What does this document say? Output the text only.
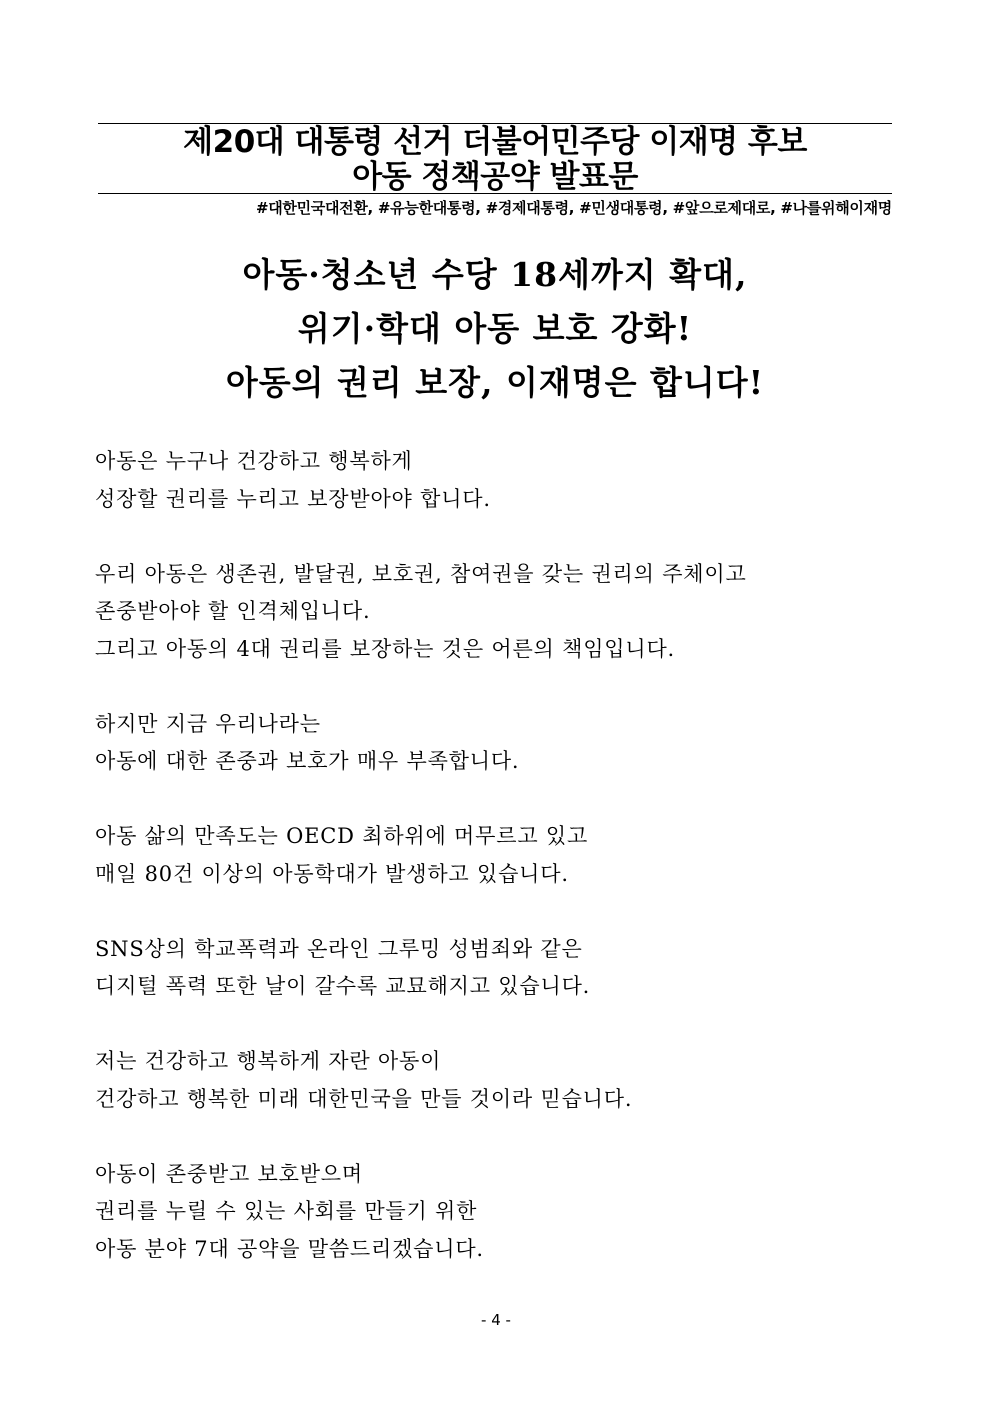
제20대 대통령 선거 더불어민주당 이재명 후보
아동 정책공약 발표문
#대한민국대전환, #유능한대통령, #경제대통령, #민생대통령, #앞으로제대로, #나를위해이재명
아동·청소년 수당 18세까지 확대,
위기·학대 아동 보호 강화!
아동의 권리 보장, 이재명은 합니다!
아동은 누구나 건강하고 행복하게
성장할 권리를 누리고 보장받아야 합니다.
우리 아동은 생존권, 발달권, 보호권, 참여권을 갖는 권리의 주체이고
존중받아야 할 인격체입니다.
그리고 아동의 4대 권리를 보장하는 것은 어른의 책임입니다.
하지만 지금 우리나라는
아동에 대한 존중과 보호가 매우 부족합니다.
아동 삶의 만족도는 OECD 최하위에 머무르고 있고
매일 80건 이상의 아동학대가 발생하고 있습니다.
SNS상의 학교폭력과 온라인 그루밍 성범죄와 같은
디지털 폭력 또한 날이 갈수록 교묘해지고 있습니다.
저는 건강하고 행복하게 자란 아동이
건강하고 행복한 미래 대한민국을 만들 것이라 믿습니다.
아동이 존중받고 보호받으며
권리를 누릴 수 있는 사회를 만들기 위한
아동 분야 7대 공약을 말씀드리겠습니다.
- 4 -
